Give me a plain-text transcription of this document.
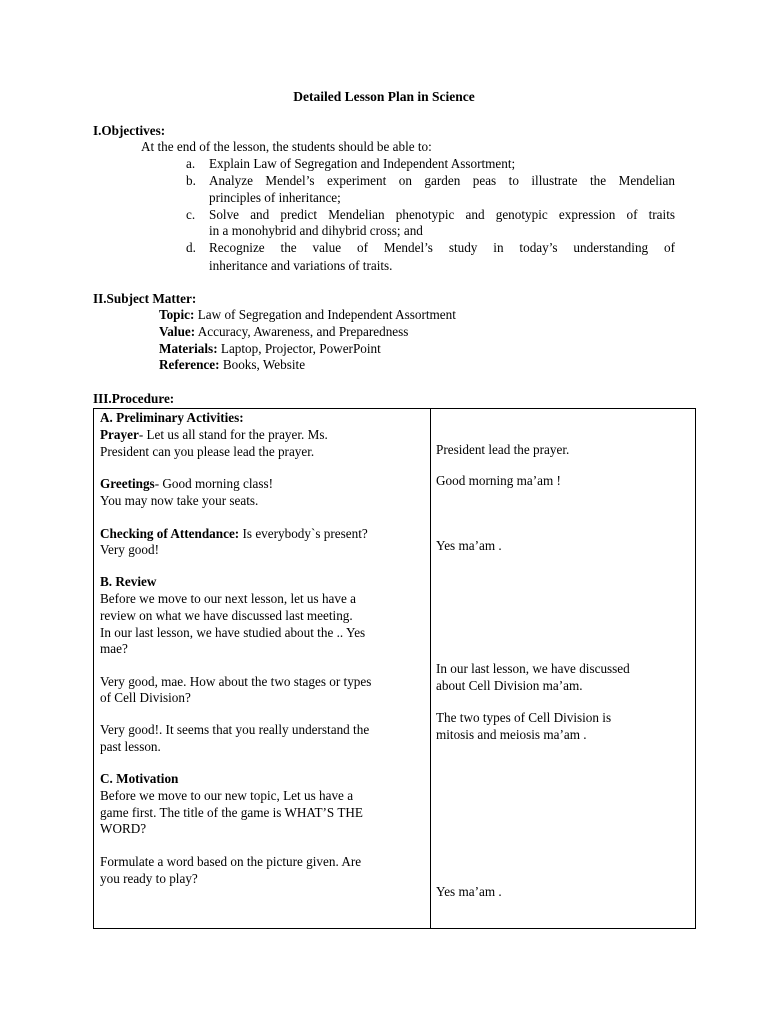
Detailed Lesson Plan in Science
I.Objectives:
At the end of the lesson, the students should be able to:
a. Explain Law of Segregation and Independent Assortment;
b. Analyze Mendel’s experiment on garden peas to illustrate the Mendelian
principles of inheritance;
c. Solve and predict Mendelian phenotypic and genotypic expression of traits
in a monohybrid and dihybrid cross; and
d. Recognize the value of Mendel’s study in today’s understanding of
inheritance and variations of traits.
II.Subject Matter:
Topic: Law of Segregation and Independent Assortment
Value: Accuracy, Awareness, and Preparedness
Materials: Laptop, Projector, PowerPoint
Reference: Books, Website
III.Procedure:
A. Preliminary Activities:
Prayer- Let us all stand for the prayer. Ms.
President can you please lead the prayer.
Greetings- Good morning class!
You may now take your seats.
Checking of Attendance: Is everybody`s present?
Very good!
B. Review
Before we move to our next lesson, let us have a
review on what we have discussed last meeting.
In our last lesson, we have studied about the .. Yes
mae?
Very good, mae. How about the two stages or types
of Cell Division?
Very good!. It seems that you really understand the
past lesson.
C. Motivation
Before we move to our new topic, Let us have a
game first. The title of the game is WHAT’S THE
WORD?
Formulate a word based on the picture given. Are
you ready to play?
President lead the prayer.
Good morning ma’am !
Yes ma’am .
In our last lesson, we have discussed
about Cell Division ma’am.
The two types of Cell Division is
mitosis and meiosis ma’am .
Yes ma’am .
